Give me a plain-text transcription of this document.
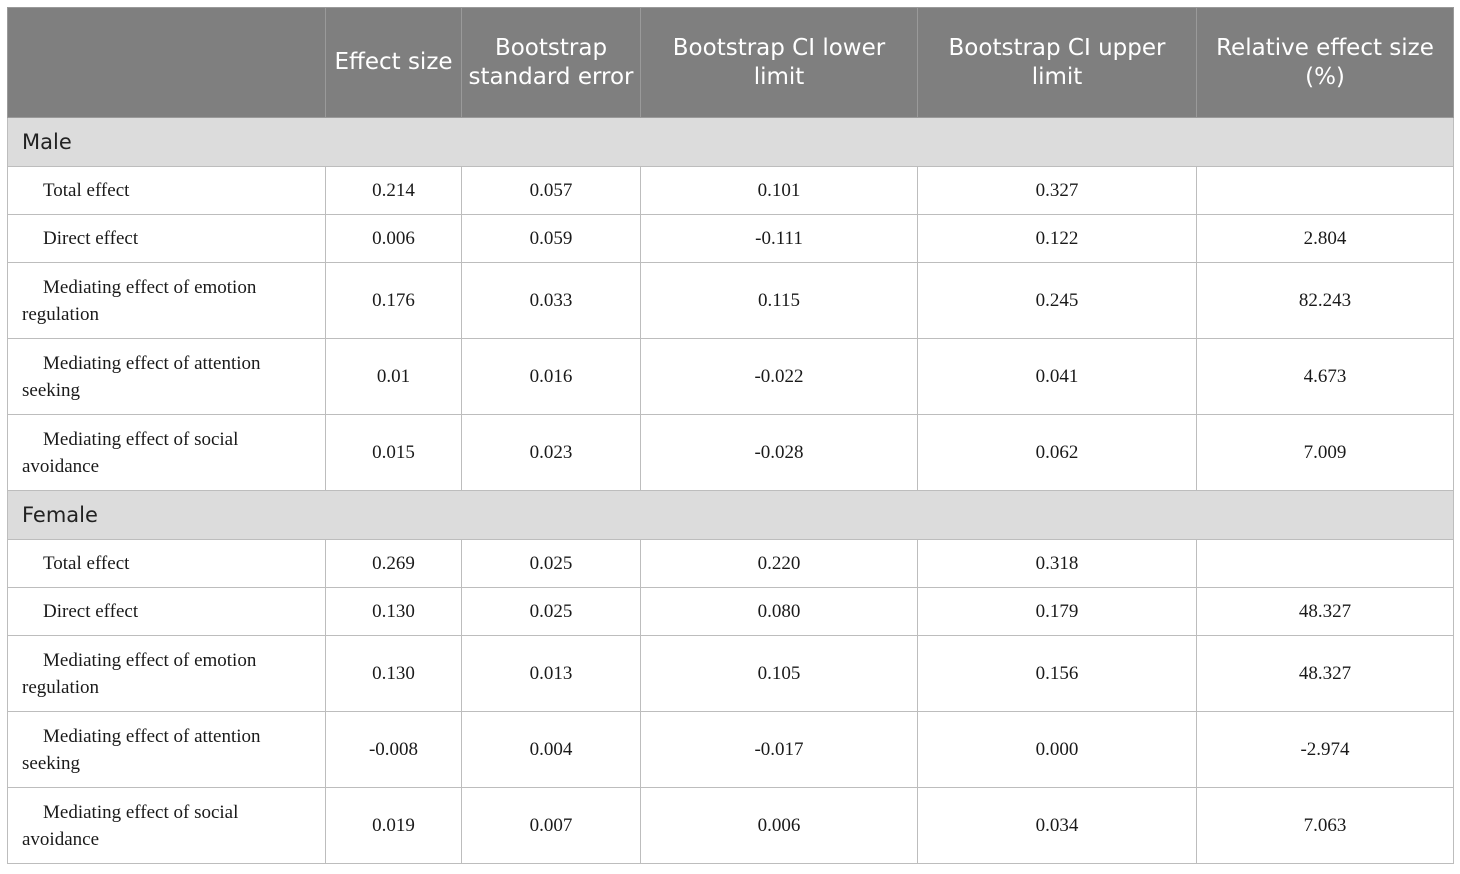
	Effect size	Bootstrap standard error	Bootstrap CI lower limit	Bootstrap CI upper limit	Relative effect size (%)
Male					
Total effect	0.214	0.057	0.101	0.327	
Direct effect	0.006	0.059	-0.111	0.122	2.804
Mediating effect of emotion regulation	0.176	0.033	0.115	0.245	82.243
Mediating effect of attention seeking	0.01	0.016	-0.022	0.041	4.673
Mediating effect of social avoidance	0.015	0.023	-0.028	0.062	7.009
Female					
Total effect	0.269	0.025	0.220	0.318	
Direct effect	0.130	0.025	0.080	0.179	48.327
Mediating effect of emotion regulation	0.130	0.013	0.105	0.156	48.327
Mediating effect of attention seeking	-0.008	0.004	-0.017	0.000	-2.974
Mediating effect of social avoidance	0.019	0.007	0.006	0.034	7.063
